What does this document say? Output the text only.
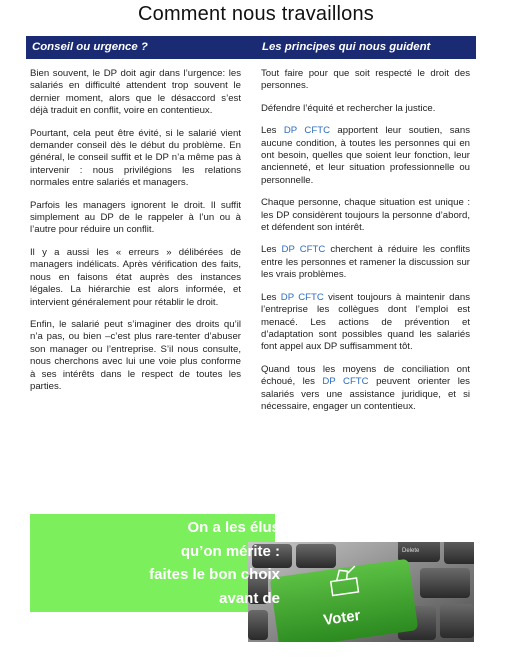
Comment nous travaillons
Conseil ou urgence ?	Les principes qui nous guident

Bien souvent, le DP doit agir dans l’urgence: les salariés en difficulté attendent trop souvent le dernier moment, alors que le désaccord s’est déjà traduit en conflit, voire en contentieux.

Pourtant, cela peut être évité, si le salarié vient demander conseil dès le début du problème. En général, le conseil suffit et le DP n’a même pas à intervenir : nous privilégions les relations normales entre salariés et managers.

Parfois les managers ignorent le droit. Il suffit simplement au DP de le rappeler à l’un ou à l’autre pour réduire un conflit.

Il y a aussi les « erreurs » délibérées de managers indélicats. Après vérification des faits, nous en faisons état auprès des instances légales. La hiérarchie est alors informée, et intervient généralement pour rétablir le droit.

Enfin, le salarié peut s’imaginer des droits qu’il n’a pas, ou bien –c’est plus rare-tenter d’abuser son manager ou l’entreprise. S’il nous consulte, nous cherchons avec lui une voie plus conforme à ses intérêts dans le respect de toutes les parties.

Tout faire pour que soit respecté le droit des personnes.

Défendre l’équité et rechercher la justice.

Les DP CFTC apportent leur soutien, sans aucune condition, à toutes les personnes qui en ont besoin, quelles que soient leur fonction, leur ancienneté, et leur situation professionnelle ou personnelle.

Chaque personne, chaque situation est unique : les DP considèrent toujours la personne d’abord, et défendent son intérêt.

Les DP CFTC cherchent à réduire les conflits entre les personnes et ramener la discussion sur les vrais problèmes.

Les DP CFTC visent toujours à maintenir dans l’entreprise les collègues dont l’emploi est menacé. Les actions de prévention et d’adaptation sont possibles quand les salariés font appel aux DP suffisamment tôt.

Quand tous les moyens de conciliation ont échoué, les DP CFTC peuvent orienter les salariés vers une assistance juridique, et si nécessaire, engager un contentieux.

Delete
Voter
On a les élus
qu’on mérite :
faites le bon choix
avant de
